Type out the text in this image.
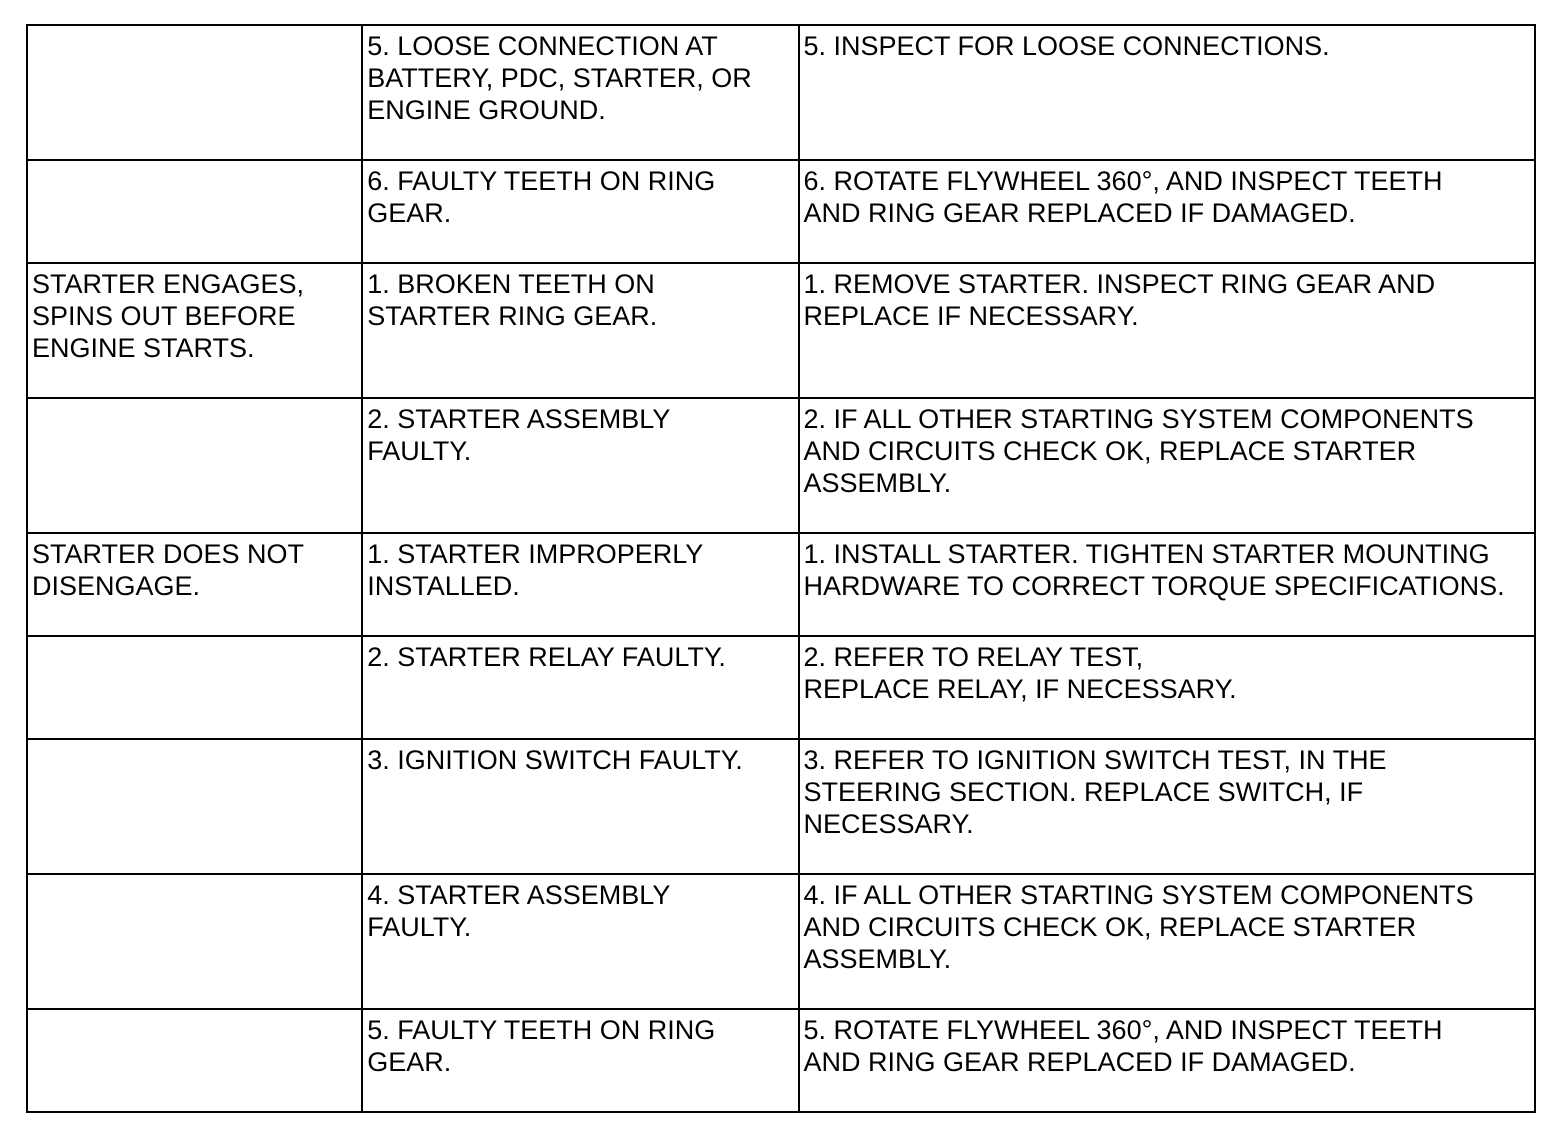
	5. LOOSE CONNECTION AT
BATTERY, PDC, STARTER, OR
ENGINE GROUND.	5. INSPECT FOR LOOSE CONNECTIONS.
	6. FAULTY TEETH ON RING
GEAR.	6. ROTATE FLYWHEEL 360°, AND INSPECT TEETH
AND RING GEAR REPLACED IF DAMAGED.
STARTER ENGAGES,
SPINS OUT BEFORE
ENGINE STARTS.	1. BROKEN TEETH ON
STARTER RING GEAR.	1. REMOVE STARTER. INSPECT RING GEAR AND
REPLACE IF NECESSARY.
	2. STARTER ASSEMBLY
FAULTY.	2. IF ALL OTHER STARTING SYSTEM COMPONENTS
AND CIRCUITS CHECK OK, REPLACE STARTER
ASSEMBLY.
STARTER DOES NOT
DISENGAGE.	1. STARTER IMPROPERLY
INSTALLED.	1. INSTALL STARTER. TIGHTEN STARTER MOUNTING
HARDWARE TO CORRECT TORQUE SPECIFICATIONS.
	2. STARTER RELAY FAULTY.	2. REFER TO RELAY TEST,
REPLACE RELAY, IF NECESSARY.
	3. IGNITION SWITCH FAULTY.	3. REFER TO IGNITION SWITCH TEST, IN THE
STEERING SECTION. REPLACE SWITCH, IF
NECESSARY.
	4. STARTER ASSEMBLY
FAULTY.	4. IF ALL OTHER STARTING SYSTEM COMPONENTS
AND CIRCUITS CHECK OK, REPLACE STARTER
ASSEMBLY.
	5. FAULTY TEETH ON RING
GEAR.	5. ROTATE FLYWHEEL 360°, AND INSPECT TEETH
AND RING GEAR REPLACED IF DAMAGED.
